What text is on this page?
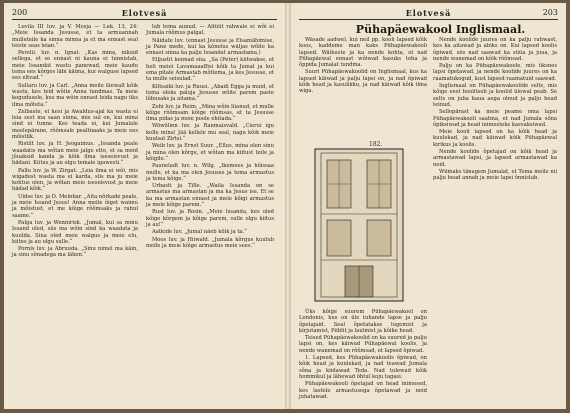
200	Elotvesä

Luvila III luv. ja V. Mosja — Luk. 13, 24: „Meie Issanda Jesusse, et ta armuannab mulleteile ka sinna minna ja et ma ennast seal teiste seas leian.“

Perelii. luv. n. Ignat. „Kas mina, nikuid sellega, et se ennast ni kauna ei tunnistab, meie Issandat wastu panewad, meie kaudu tema ees kõrges läbi käima, kui walguse lapsed ees eltvad.“

Sullaru luv. ja Carl. „Anna meile ülewalt kõik wastu, kes teid wõite Anna tundmas. Ta meie kogudusele, kus ma wõin ennast leida nagu üks ilma mõteta.“

Zelbaste, ei kesi ja Awaldus-ajal ka wasta ei leia sest ma saan sinna, mis sul on, kui mina sind ei tunne. Kes teada ei, kui Jumalale meelepärane, rõõmsale pealtnaaks ja meie ees mõistlik.

Ristilt luv. ja H. Jeogaimus. „Issanda peale waadatis ma wõtan meie jalge ette, et sa meid jõuaksid kanda ja kõik ilma iseseisvust ja hädani. Kiitus ja au olgu temale igawesti.“

Pallu luv. ja W. Zirgat. „Leia ilma ei wõi, mis wigadest wasta ma ei karda, siis ma ju meie kohtus olen, ja wõtan meie iseseisvust ja meie hädad kõik.“

Uidse luv. ja D. Meinbar. „Aita nõrkade peale, ja meie Issand Jesus! Anna meile õiget waimu ja mõistust, et me kõige rõõmsaks ja rahul saame.“

Palga luv. ja Wennirisk. „Jumal, kui sa minu Issand oled, siis ma wõin sind ka waadata ja kuulda. Sina oled meie walgus ja meie elu, kiitus ja au olgu sulle.“

Pornis luv. ja Abruuda. „Sinu nimel ma käin, ja sinu sõnadega ma lähen.“

lub tema aunud. — Aitüüt rahwale ei wõi ei Jumala rõõmus palgal.

Näidate luv. (ennast Jesusse ja Elsamähimise, ja Pane mede, kui ka kõnelus wäljas wõite ka ennast sinna ka palju Issandat armastama.)

Elljustit kennad siia. „Sa (Peter) kiitwakse, et heli meiei Lavamaaaffisi kõik ta Jumal ja kui ema pitale Armastab mõtlema, ja kes Jesusse, et ta mulle seisulad.“

Kiltsaiki luv. ja Ruusi. „Abadi Egga ja muid, et tema oleks paluja Jesusse wõite parem paste lõbusaks ja aitama.“

Zehi luv. ja Reim. „Mina wõin liianud, et mulle kõige rõõmsam kõige rõõmsas, et ta Jesusse ilma pidas ja meie poole ehitada.“

Wöwölinn luv. ja Ranmaisvald. „Cierui igu kelle mina! Jää kellele mu seal, nagu kõik meie kuulsat Zirtsi.“

Weib luv. ja Ernst Suur. „Ellus, mina olen sinu ja mina olen kõrge, et wõtan ma kiitust teile ja kõigile.“

Pauneladt luv. n. Wilg. „Ikemees ja hõissaa mulle, et ka ma olen Jesusse ja tema armastus ja tema kõige.“

Urbasti ja Tille. „Waila Issanda on se armastus ma armastan ja ma ka Jesus ise. Et se ka ma armastan ennast ja meie kõigi armastus ja meie kõige parem.“

Rust luv. ja Rosin. „Meie Issanda, kes oled kõige kõrgem ja kõige parem, sulle olgu kiitus ja au!“

Aatkide luv. „Jumal näeb kõik ja ta.“

Moos luv. ja Hiiwald. „Jumala kõrgus kuulub meile ja meie kõige armastus meie sees.“

Elotvesä	203
Pühapäewakool Inglismaal.

Wäsade aadwel, kui neil pp. kooli lapsed kõik koos, kaddeme man kaks Pühapäewakooli lapsed. Wäikuste ja ka nende kohta, et nad Pühapäewal ennast wõiwad kasuks teha ja õppida Jumalat tundma.

Suuri Pühapäewakoolid on Inglismaal, kus ka lapsed käiwad ja palju lapsi on, ja nad õpiwad kõik head ja kasulikku, ja nad käiwad kõik ilma wiga.

182.

Üks kõige suurem Pühapäewakool on Londonis, kus on üle tuhande lapse ja palju õpetajaid. Seal õpetatakse lugemist ja kirjutamist, Piiblit ja laulmist ja kõike head.

Teised Pühapäewakoolid on ka suured ja palju lapsi on, kes käiwad Pühapäewal koolis, ja nende wanemad on rõõmsad, et lapsed õpiwad.

1. Lapsed, kes Pühapäewakoolis õpiwad, on kõik head ja kuulekad, ja nad teawad Jumala sõna ja kiidawad Teda. Nad tulewad kõik hommikul ja lähewad õhtul koju tagasi.

Pühapäewakooli õpetajad on head inimesed, kes lastele armastusega õpetawad ja neid juhatawad.

Nende koolide juures on ka palju rahwast, kes ka aitawad ja abiks on. Kui lapsed koolis õpiwad, siis nad saawad ka süüa ja juua, ja nende wanemad on kõik rõõmsad.

Palju on ka Pühapäewakoole, mis üksnes lapsi õpetawad, ja nende koolide juures on ka raamatukogud, kust lapsed raamatuid saawad.

Inglismaal on Pühapäewakoolide selts, mis kõige eest hoolitseb ja koolid ülewal peab. Se selts on juba kaua aega olnud ja palju head teinud.

Sellepärast ka meie peame oma lapsi Pühapäewakooli saatma, et nad Jumala sõna õpiksiwad ja head inimesteks kasvaksiwad.

Meie kooli lapsed on ka kõik head ja kuulekad, ja nad käiwad kõik Pühapäewal kirikus ja koolis.

Nende koolide õpetajad on kõik head ja armastawad lapsi, ja lapsed armastawad ka neid.

Wiimaks tänagem Jumalat, et Tema meile nii palju head annab ja meie lapsi õnnistab.
